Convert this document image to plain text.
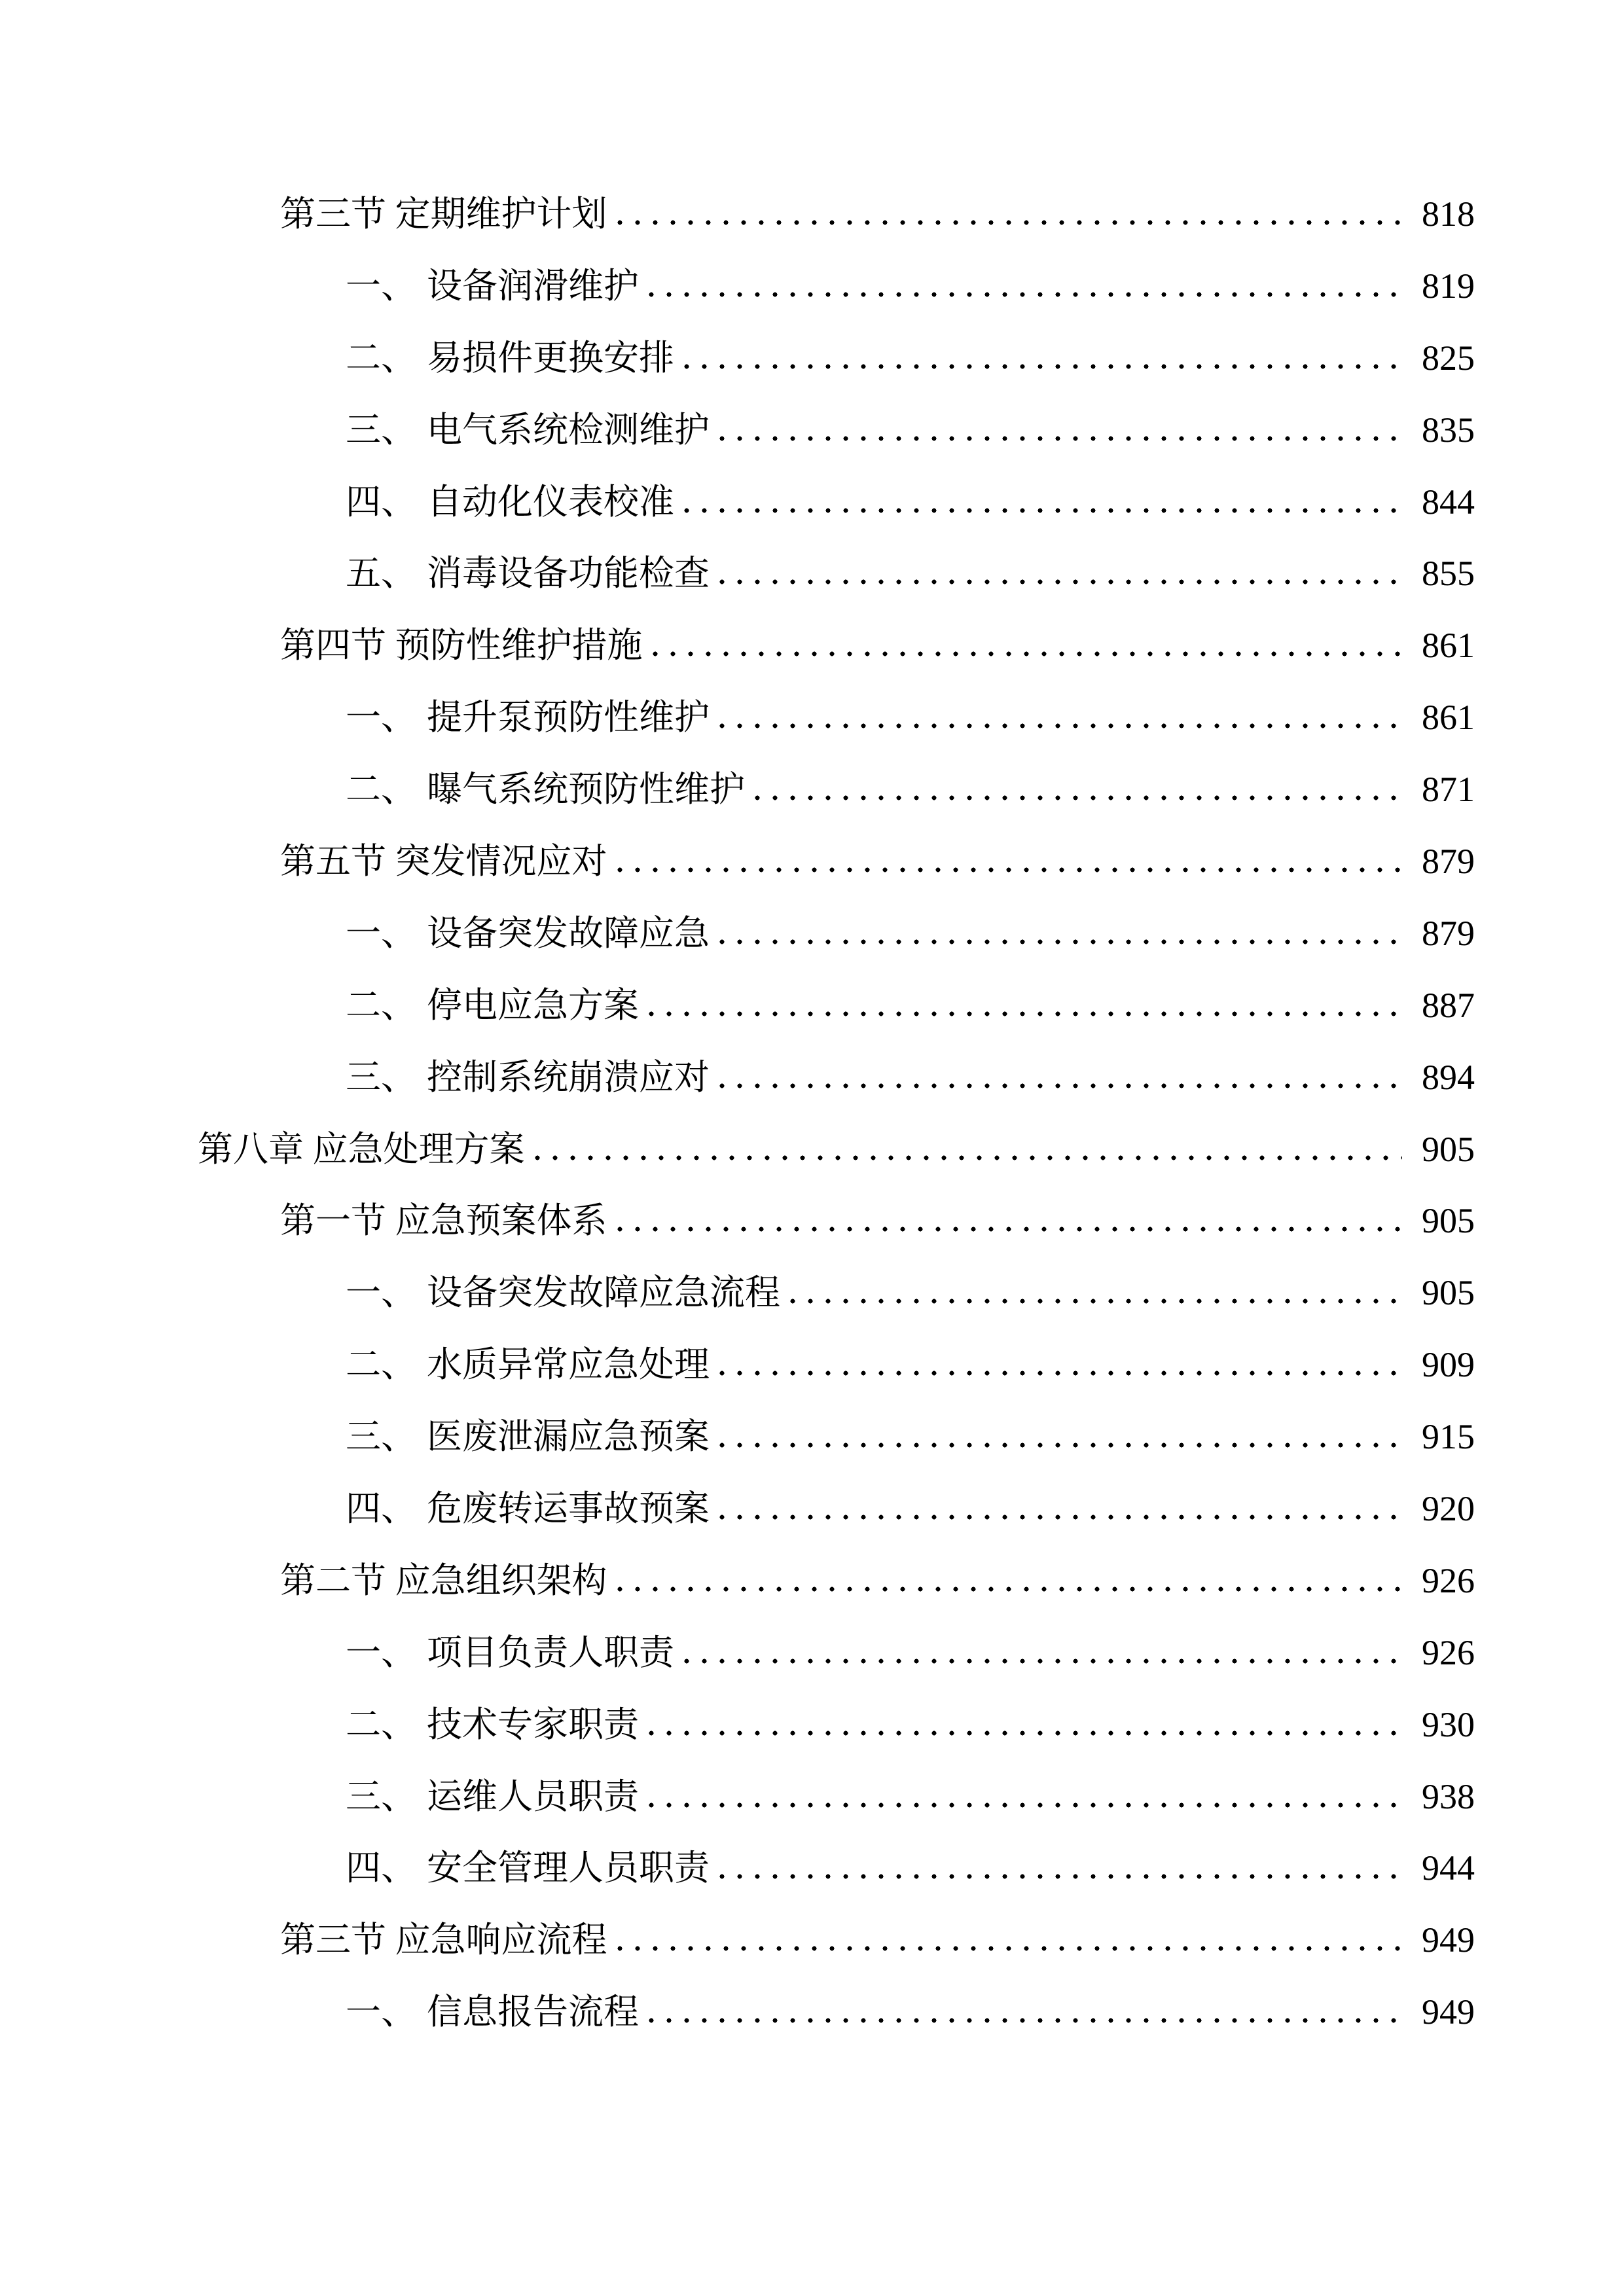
第三节 定期维护计划	818
一、 设备润滑维护	819
二、 易损件更换安排	825
三、 电气系统检测维护	835
四、 自动化仪表校准	844
五、 消毒设备功能检查	855
第四节 预防性维护措施	861
一、 提升泵预防性维护	861
二、 曝气系统预防性维护	871
第五节 突发情况应对	879
一、 设备突发故障应急	879
二、 停电应急方案	887
三、 控制系统崩溃应对	894
第八章 应急处理方案	905
第一节 应急预案体系	905
一、 设备突发故障应急流程	905
二、 水质异常应急处理	909
三、 医废泄漏应急预案	915
四、 危废转运事故预案	920
第二节 应急组织架构	926
一、 项目负责人职责	926
二、 技术专家职责	930
三、 运维人员职责	938
四、 安全管理人员职责	944
第三节 应急响应流程	949
一、 信息报告流程	949
